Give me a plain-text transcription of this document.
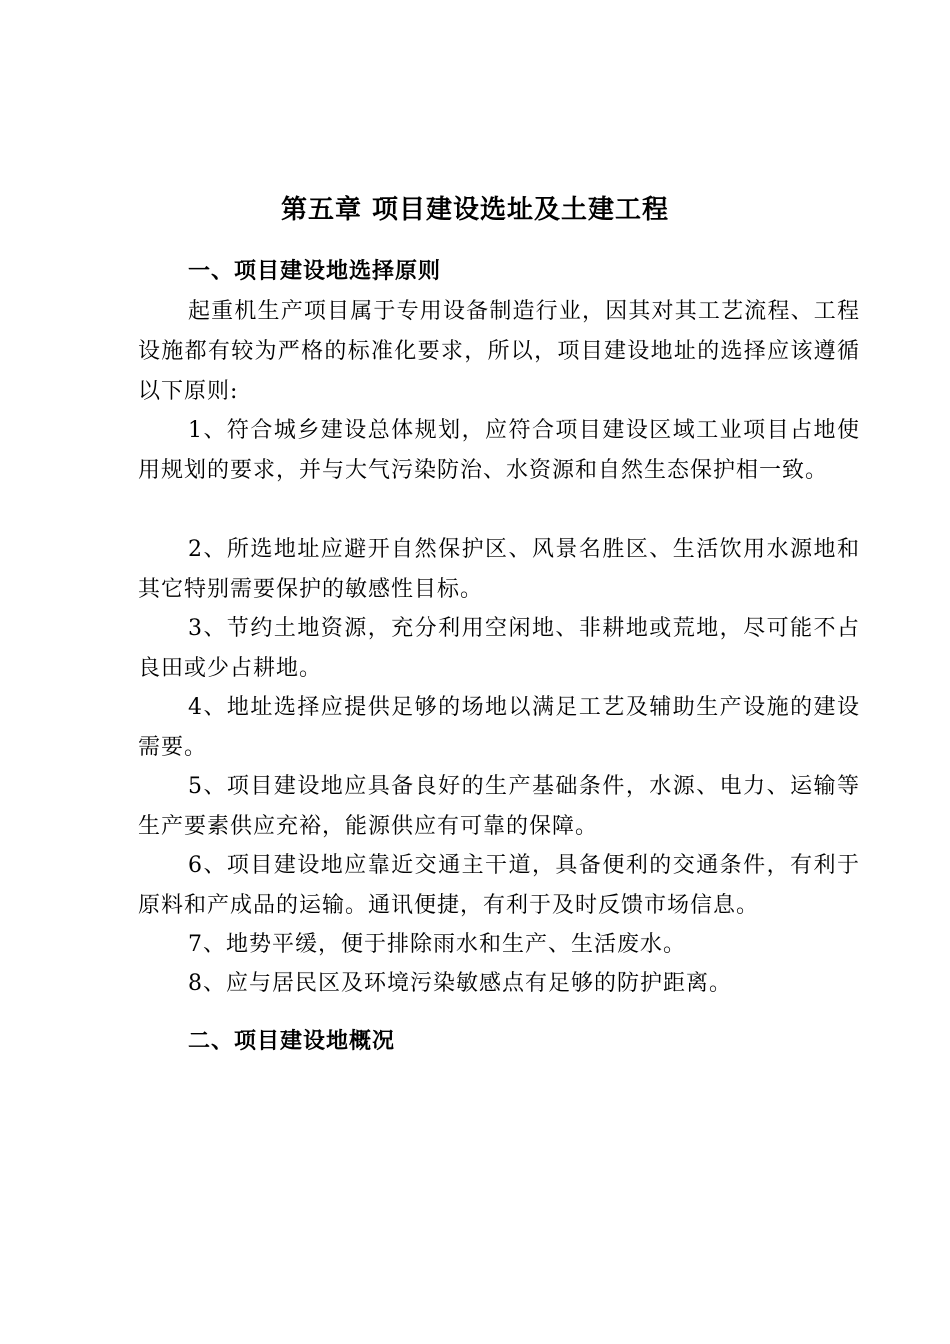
第五章 项目建设选址及土建工程
一、项目建设地选择原则

起重机生产项目属于专用设备制造行业，因其对其工艺流程、工程设施都有较为严格的标准化要求，所以，项目建设地址的选择应该遵循以下原则:

1、符合城乡建设总体规划，应符合项目建设区域工业项目占地使用规划的要求，并与大气污染防治、水资源和自然生态保护相一致。

2、所选地址应避开自然保护区、风景名胜区、生活饮用水源地和其它特别需要保护的敏感性目标。

3、节约土地资源，充分利用空闲地、非耕地或荒地，尽可能不占良田或少占耕地。

4、地址选择应提供足够的场地以满足工艺及辅助生产设施的建设需要。

5、项目建设地应具备良好的生产基础条件，水源、电力、运输等生产要素供应充裕，能源供应有可靠的保障。

6、项目建设地应靠近交通主干道，具备便利的交通条件，有利于原料和产成品的运输。通讯便捷，有利于及时反馈市场信息。

7、地势平缓，便于排除雨水和生产、生活废水。

8、应与居民区及环境污染敏感点有足够的防护距离。

二、项目建设地概况
